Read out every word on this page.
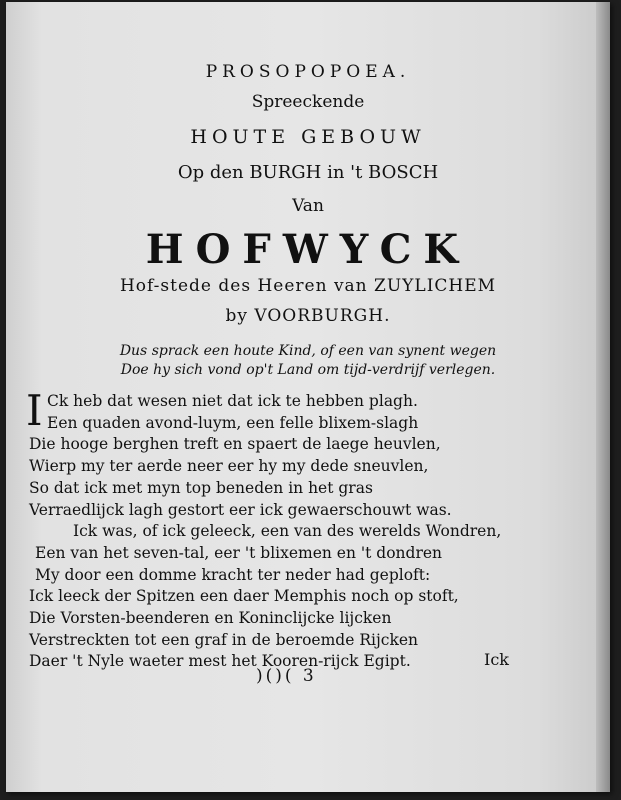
PROSOPOPOEA.
Spreeckende
HOUTE GEBOUW
Op den BURGH in 't BOSCH
Van
HOFWYCK
Hof-stede des Heeren van ZUYLICHEM
by VOORBURGH.
Dus sprack een houte Kind, of een van synent wegen
Doe hy sich vond op't Land om tijd-verdrijf verlegen.
I Ck heb dat wesen niet dat ick te hebben plagh.
Een quaden avond-luym, een felle blixem-slagh
Die hooge berghen treft en spaert de laege heuvlen,
Wierp my ter aerde neer eer hy my dede sneuvlen,
So dat ick met myn top beneden in het gras
Verraedlijck lagh gestort eer ick gewaerschouwt was.
Ick was, of ick geleeck, een van des werelds Wondren,
Een van het seven-tal, eer 't blixemen en 't dondren
My door een domme kracht ter neder had geploft:
Ick leeck der Spitzen een daer Memphis noch op stoft,
Die Vorsten-beenderen en Koninclijcke lijcken
Verstreckten tot een graf in de beroemde Rijcken
Daer 't Nyle waeter mest het Kooren-rijck Egipt.	Ick
)()( 3
